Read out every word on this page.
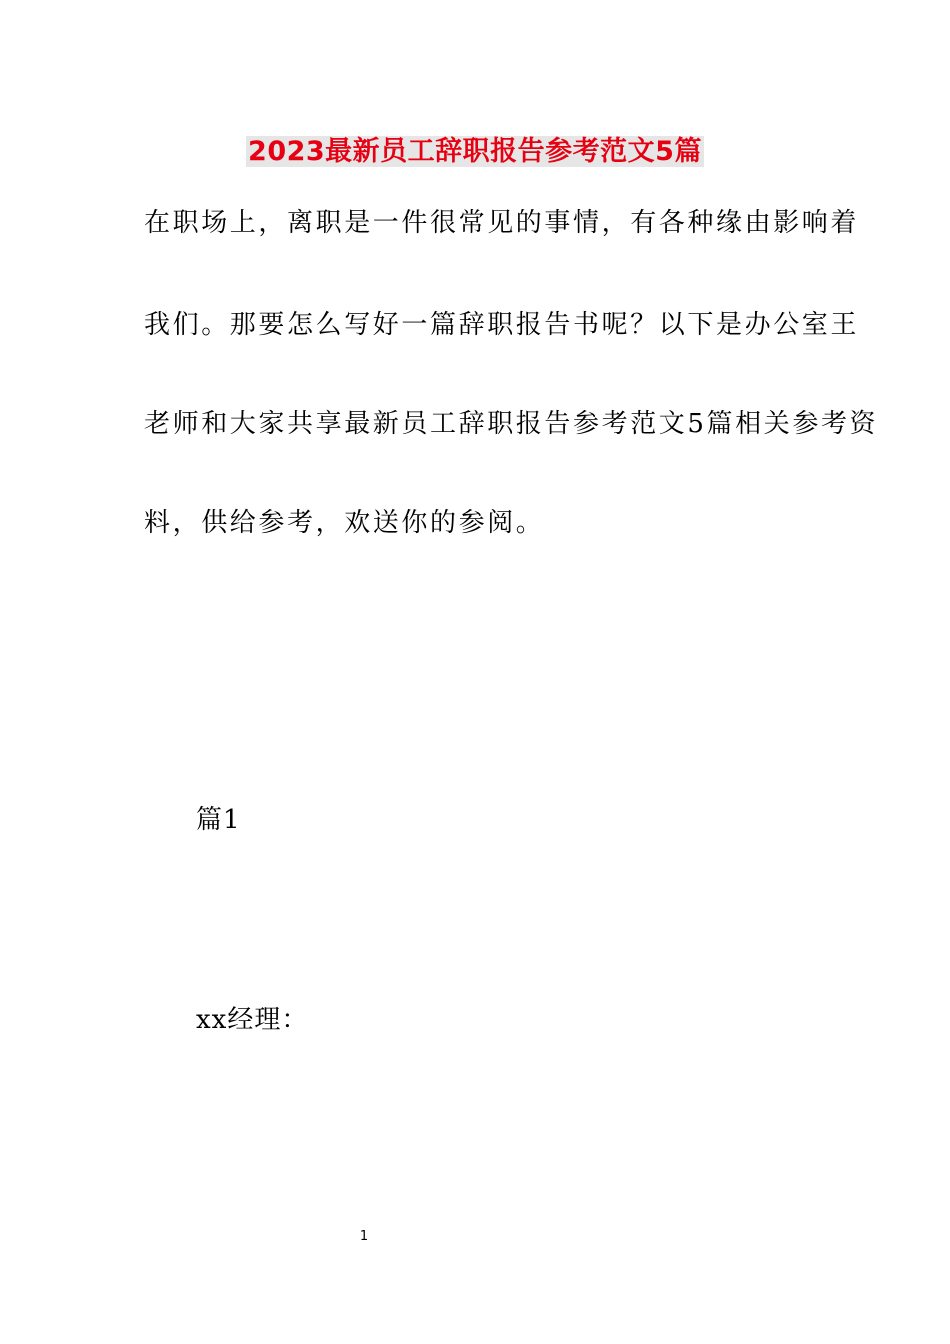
2023最新员工辞职报告参考范文5篇
在职场上，离职是一件很常见的事情，有各种缘由影响着
我们。那要怎么写好一篇辞职报告书呢？以下是办公室王
老师和大家共享最新员工辞职报告参考范文5篇相关参考资
料，供给参考，欢送你的参阅。
篇1
xx经理：
1
